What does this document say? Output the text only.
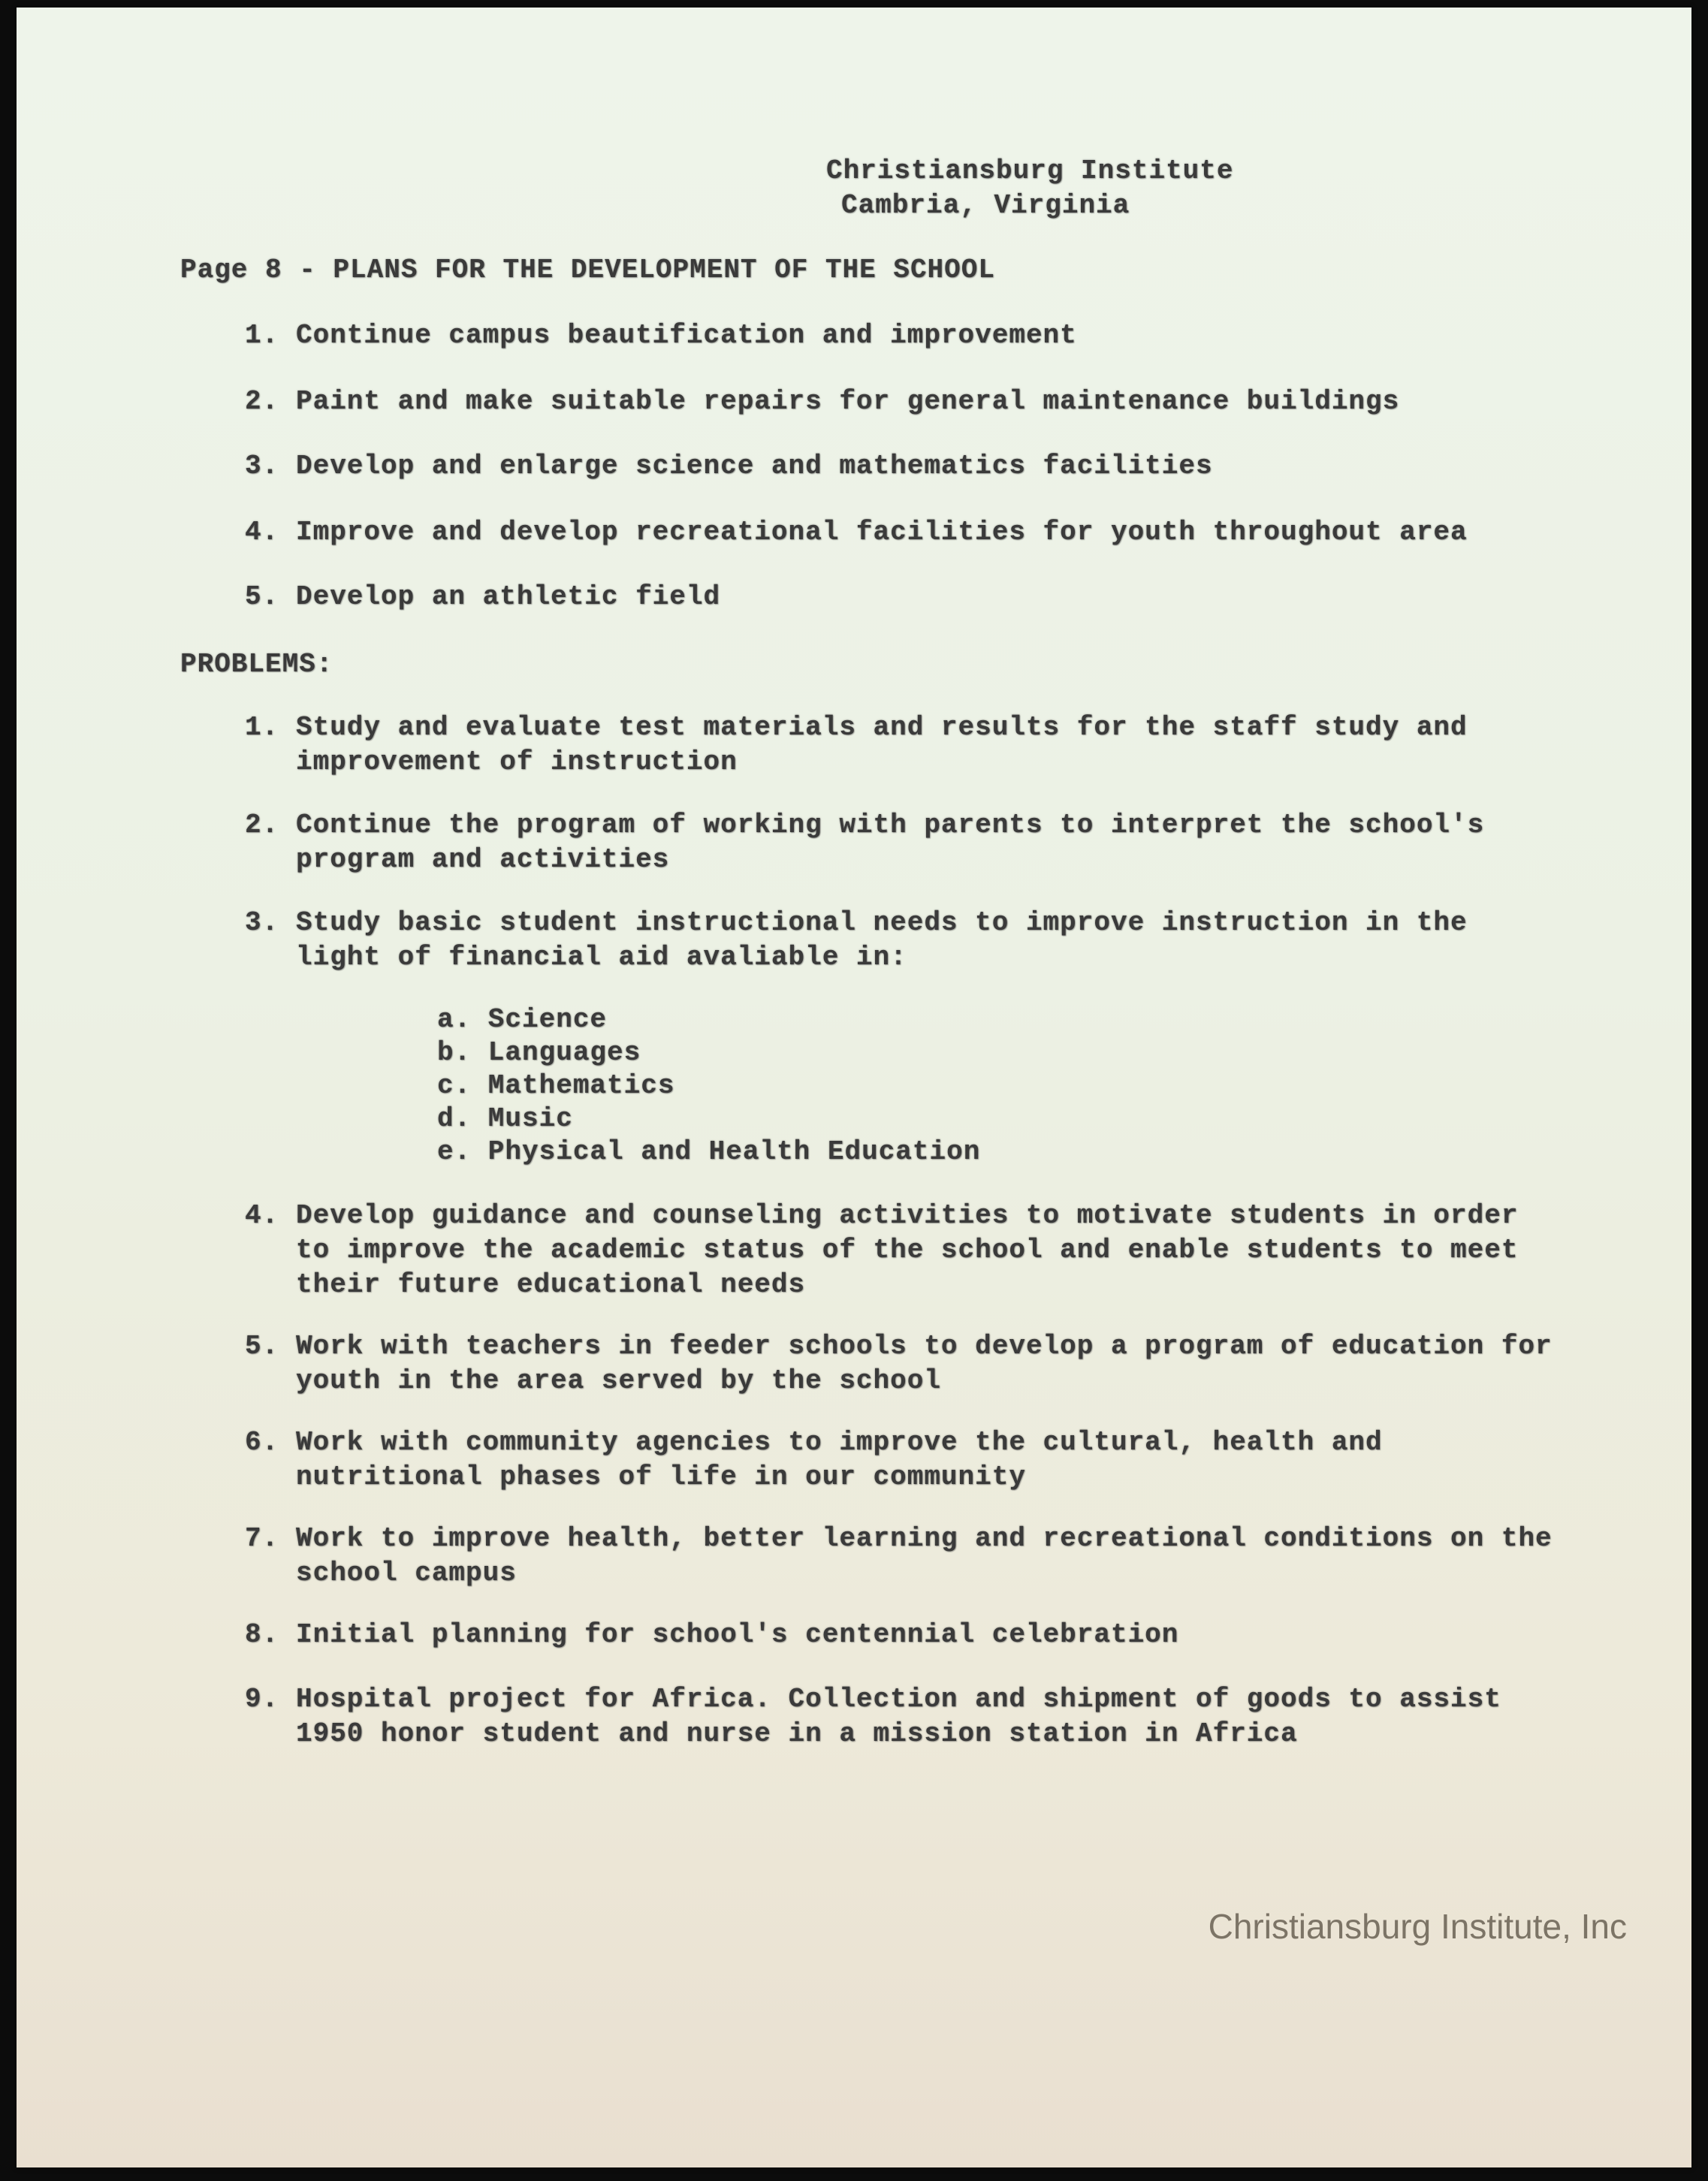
Christiansburg Institute
Cambria, Virginia
Page 8 - PLANS FOR THE DEVELOPMENT OF THE SCHOOL
1. Continue campus beautification and improvement
2. Paint and make suitable repairs for general maintenance buildings
3. Develop and enlarge science and mathematics facilities
4. Improve and develop recreational facilities for youth throughout area
5. Develop an athletic field
PROBLEMS:
1. Study and evaluate test materials and results for the staff study and
improvement of instruction
2. Continue the program of working with parents to interpret the school's
program and activities
3. Study basic student instructional needs to improve instruction in the
light of financial aid avaliable in:
a. Science
b. Languages
c. Mathematics
d. Music
e. Physical and Health Education
4. Develop guidance and counseling activities to motivate students in order
to improve the academic status of the school and enable students to meet
their future educational needs
5. Work with teachers in feeder schools to develop a program of education for
youth in the area served by the school
6. Work with community agencies to improve the cultural, health and
nutritional phases of life in our community
7. Work to improve health, better learning and recreational conditions on the
school campus
8. Initial planning for school's centennial celebration
9. Hospital project for Africa. Collection and shipment of goods to assist
1950 honor student and nurse in a mission station in Africa
Christiansburg Institute, Inc
